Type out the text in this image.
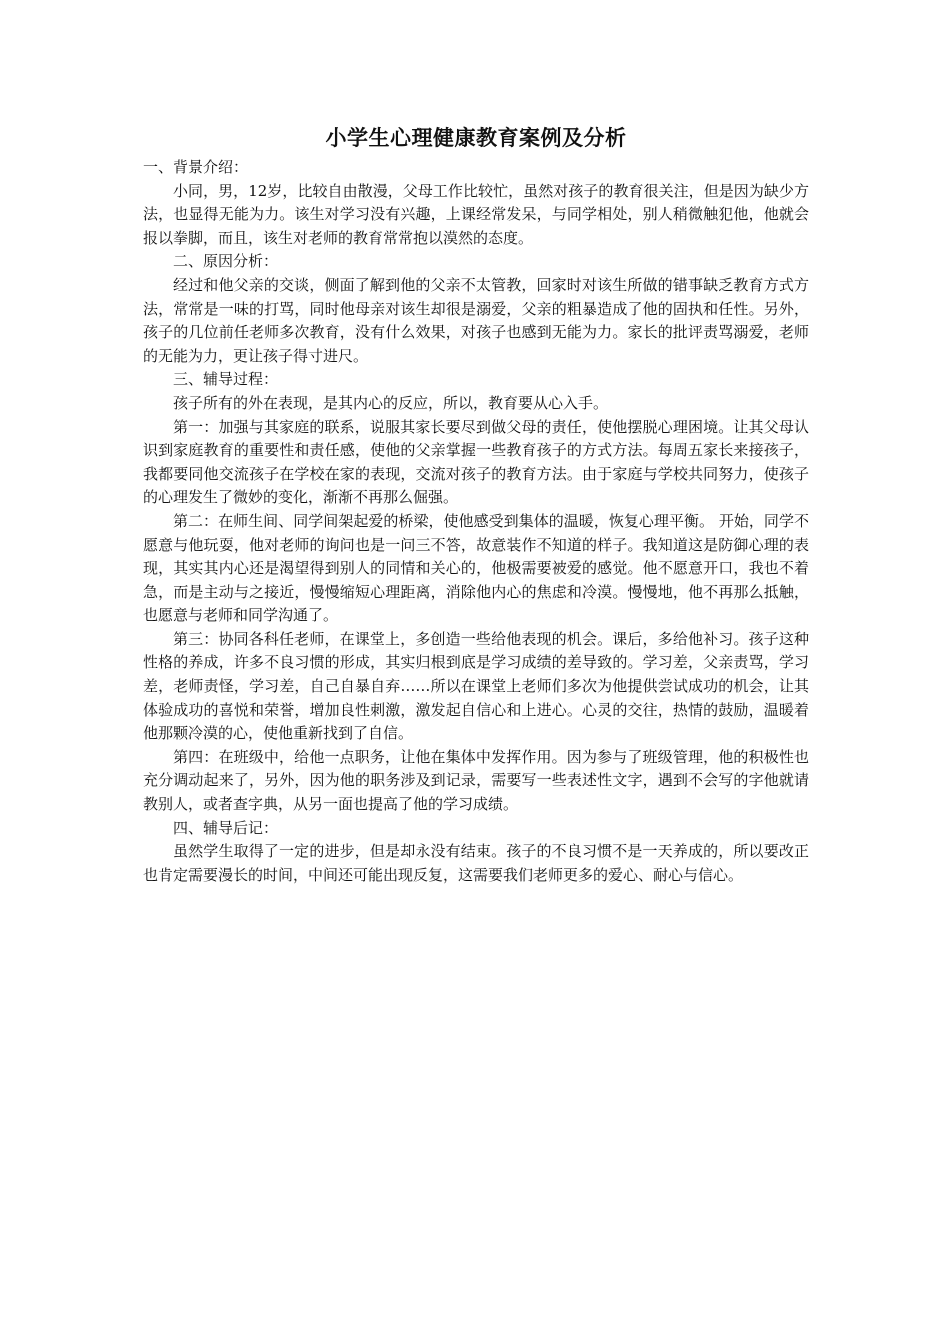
小学生心理健康教育案例及分析

一、背景介绍：

小同，男，12岁，比较自由散漫，父母工作比较忙，虽然对孩子的教育很关注，但是因为缺少方法，也显得无能为力。该生对学习没有兴趣，上课经常发呆，与同学相处，别人稍微触犯他，他就会报以拳脚，而且，该生对老师的教育常常抱以漠然的态度。

二、原因分析：

经过和他父亲的交谈，侧面了解到他的父亲不太管教，回家时对该生所做的错事缺乏教育方式方法，常常是一味的打骂，同时他母亲对该生却很是溺爱，父亲的粗暴造成了他的固执和任性。另外，孩子的几位前任老师多次教育，没有什么效果，对孩子也感到无能为力。家长的批评责骂溺爱，老师的无能为力，更让孩子得寸进尺。

三、辅导过程：

孩子所有的外在表现，是其内心的反应，所以，教育要从心入手。

第一：加强与其家庭的联系，说服其家长要尽到做父母的责任，使他摆脱心理困境。让其父母认识到家庭教育的重要性和责任感，使他的父亲掌握一些教育孩子的方式方法。每周五家长来接孩子，我都要同他交流孩子在学校在家的表现，交流对孩子的教育方法。由于家庭与学校共同努力，使孩子的心理发生了微妙的变化，渐渐不再那么倔强。

第二：在师生间、同学间架起爱的桥梁，使他感受到集体的温暖，恢复心理平衡。 开始，同学不愿意与他玩耍，他对老师的询问也是一问三不答，故意装作不知道的样子。我知道这是防御心理的表现，其实其内心还是渴望得到别人的同情和关心的，他极需要被爱的感觉。他不愿意开口，我也不着急，而是主动与之接近，慢慢缩短心理距离，消除他内心的焦虑和冷漠。慢慢地，他不再那么抵触，也愿意与老师和同学沟通了。

第三：协同各科任老师，在课堂上，多创造一些给他表现的机会。课后，多给他补习。孩子这种性格的养成，许多不良习惯的形成，其实归根到底是学习成绩的差导致的。学习差，父亲责骂，学习差，老师责怪，学习差，自己自暴自弃……所以在课堂上老师们多次为他提供尝试成功的机会，让其体验成功的喜悦和荣誉，增加良性刺激，激发起自信心和上进心。心灵的交往，热情的鼓励，温暖着他那颗冷漠的心，使他重新找到了自信。

第四：在班级中，给他一点职务，让他在集体中发挥作用。因为参与了班级管理，他的积极性也充分调动起来了，另外，因为他的职务涉及到记录，需要写一些表述性文字，遇到不会写的字他就请教别人，或者查字典，从另一面也提高了他的学习成绩。

四、辅导后记：

虽然学生取得了一定的进步，但是却永没有结束。孩子的不良习惯不是一天养成的，所以要改正也肯定需要漫长的时间，中间还可能出现反复，这需要我们老师更多的爱心、耐心与信心。
